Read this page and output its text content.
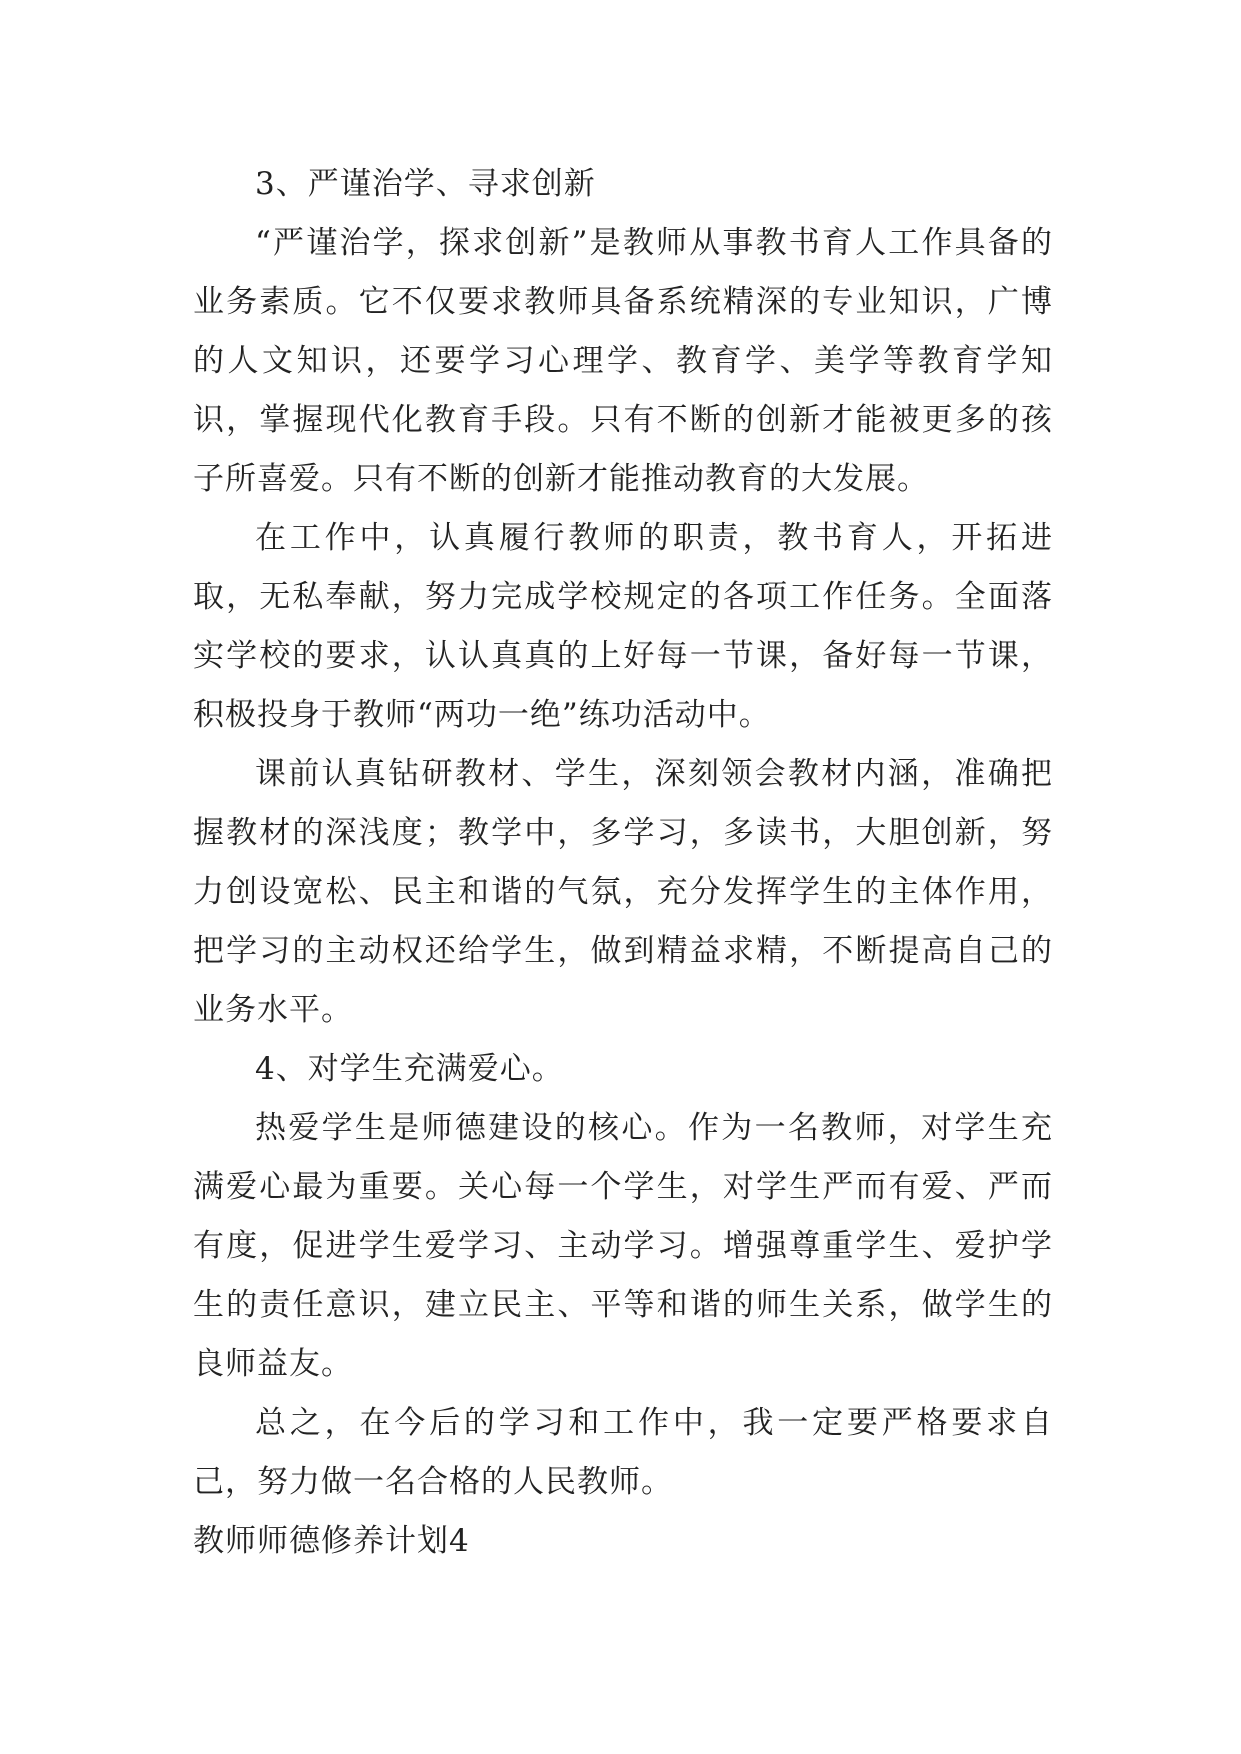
3、严谨治学、寻求创新

“严谨治学，探求创新”是教师从事教书育人工作具备的业务素质。它不仅要求教师具备系统精深的专业知识，广博的人文知识，还要学习心理学、教育学、美学等教育学知识，掌握现代化教育手段。只有不断的创新才能被更多的孩子所喜爱。只有不断的创新才能推动教育的大发展。

在工作中，认真履行教师的职责，教书育人，开拓进取，无私奉献，努力完成学校规定的各项工作任务。全面落实学校的要求，认认真真的上好每一节课，备好每一节课，积极投身于教师“两功一绝”练功活动中。

课前认真钻研教材、学生，深刻领会教材内涵，准确把握教材的深浅度；教学中，多学习，多读书，大胆创新，努力创设宽松、民主和谐的气氛，充分发挥学生的主体作用，把学习的主动权还给学生，做到精益求精，不断提高自己的业务水平。

4、对学生充满爱心。

热爱学生是师德建设的核心。作为一名教师，对学生充满爱心最为重要。关心每一个学生，对学生严而有爱、严而有度，促进学生爱学习、主动学习。增强尊重学生、爱护学生的责任意识，建立民主、平等和谐的师生关系，做学生的良师益友。

总之，在今后的学习和工作中，我一定要严格要求自己，努力做一名合格的人民教师。

教师师德修养计划4
